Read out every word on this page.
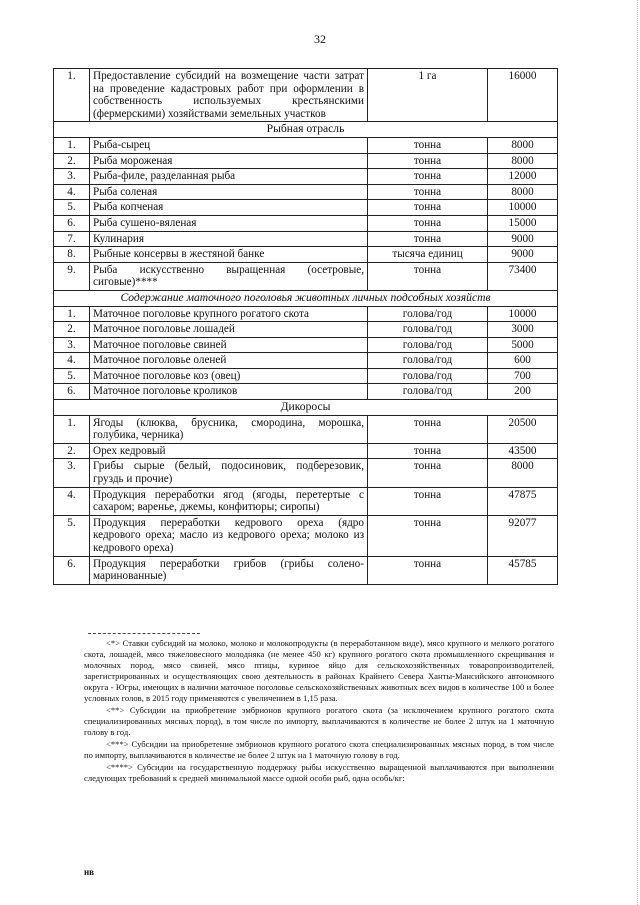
32
1.	Предоставление субсидий на возмещение части затрат на проведение кадастровых работ при оформлении в собственность используемых крестьянскими (фермерскими) хозяйствами земельных участков	1 га	16000
Рыбная отрасль			
1.	Рыба-сырец	тонна	8000
2.	Рыба мороженая	тонна	8000
3.	Рыба-филе, разделанная рыба	тонна	12000
4.	Рыба соленая	тонна	8000
5.	Рыба копченая	тонна	10000
6.	Рыба сушено-вяленая	тонна	15000
7.	Кулинария	тонна	9000
8.	Рыбные консервы в жестяной банке	тысяча единиц	9000
9.	Рыба искусственно выращенная (осетровые, сиговые)****	тонна	73400
Содержание маточного поголовья животных личных подсобных хозяйств			
1.	Маточное поголовье крупного рогатого скота	голова/год	10000
2.	Маточное поголовье лошадей	голова/год	3000
3.	Маточное поголовье свиней	голова/год	5000
4.	Маточное поголовье оленей	голова/год	600
5.	Маточное поголовье коз (овец)	голова/год	700
6.	Маточное поголовье кроликов	голова/год	200
Дикоросы			
1.	Ягоды (клюква, брусника, смородина, морошка, голубика, черника)	тонна	20500
2.	Орех кедровый	тонна	43500
3.	Грибы сырые (белый, подосиновик, подберезовик, груздь и прочие)	тонна	8000
4.	Продукция переработки ягод (ягоды, перетертые с сахаром; варенье, джемы, конфитюры; сиропы)	тонна	47875
5.	Продукция переработки кедрового ореха (ядро кедрового ореха; масло из кедрового ореха; молоко из кедрового ореха)	тонна	92077
6.	Продукция переработки грибов (грибы солено-маринованные)	тонна	45785

<*> Ставки субсидий на молоко, молоко и молокопродукты (в переработанном виде), мясо крупного и мелкого рогатого скота, лошадей, мясо тяжеловесного молодняка (не менее 450 кг) крупного рогатого скота промышленного скрещивания и молочных пород, мясо свиней, мясо птицы, куриное яйцо для сельскохозяйственных товаропроизводителей, зарегистрированных и осуществляющих свою деятельность в районах Крайнего Севера Ханты-Мансийского автономного округа - Югры, имеющих в наличии маточное поголовье сельскохозяйственных животных всех видов в количестве 100 и более условных голов, в 2015 году применяются с увеличением в 1,15 раза.

<**> Субсидии на приобретение эмбрионов крупного рогатого скота (за исключением крупного рогатого скота специализированных мясных пород), в том числе по импорту, выплачиваются в количестве не более 2 штук на 1 маточную голову в год.

<***> Субсидии на приобретение эмбрионов крупного рогатого скота специализированных мясных пород, в том числе по импорту, выплачиваются в количестве не более 2 штук на 1 маточную голову в год.

<****> Субсидии на государственную поддержку рыбы искусственно выращенной выплачиваются при выполнении следующих требований к средней минимальной массе одной особи рыб, одна особь/кг:

нв
